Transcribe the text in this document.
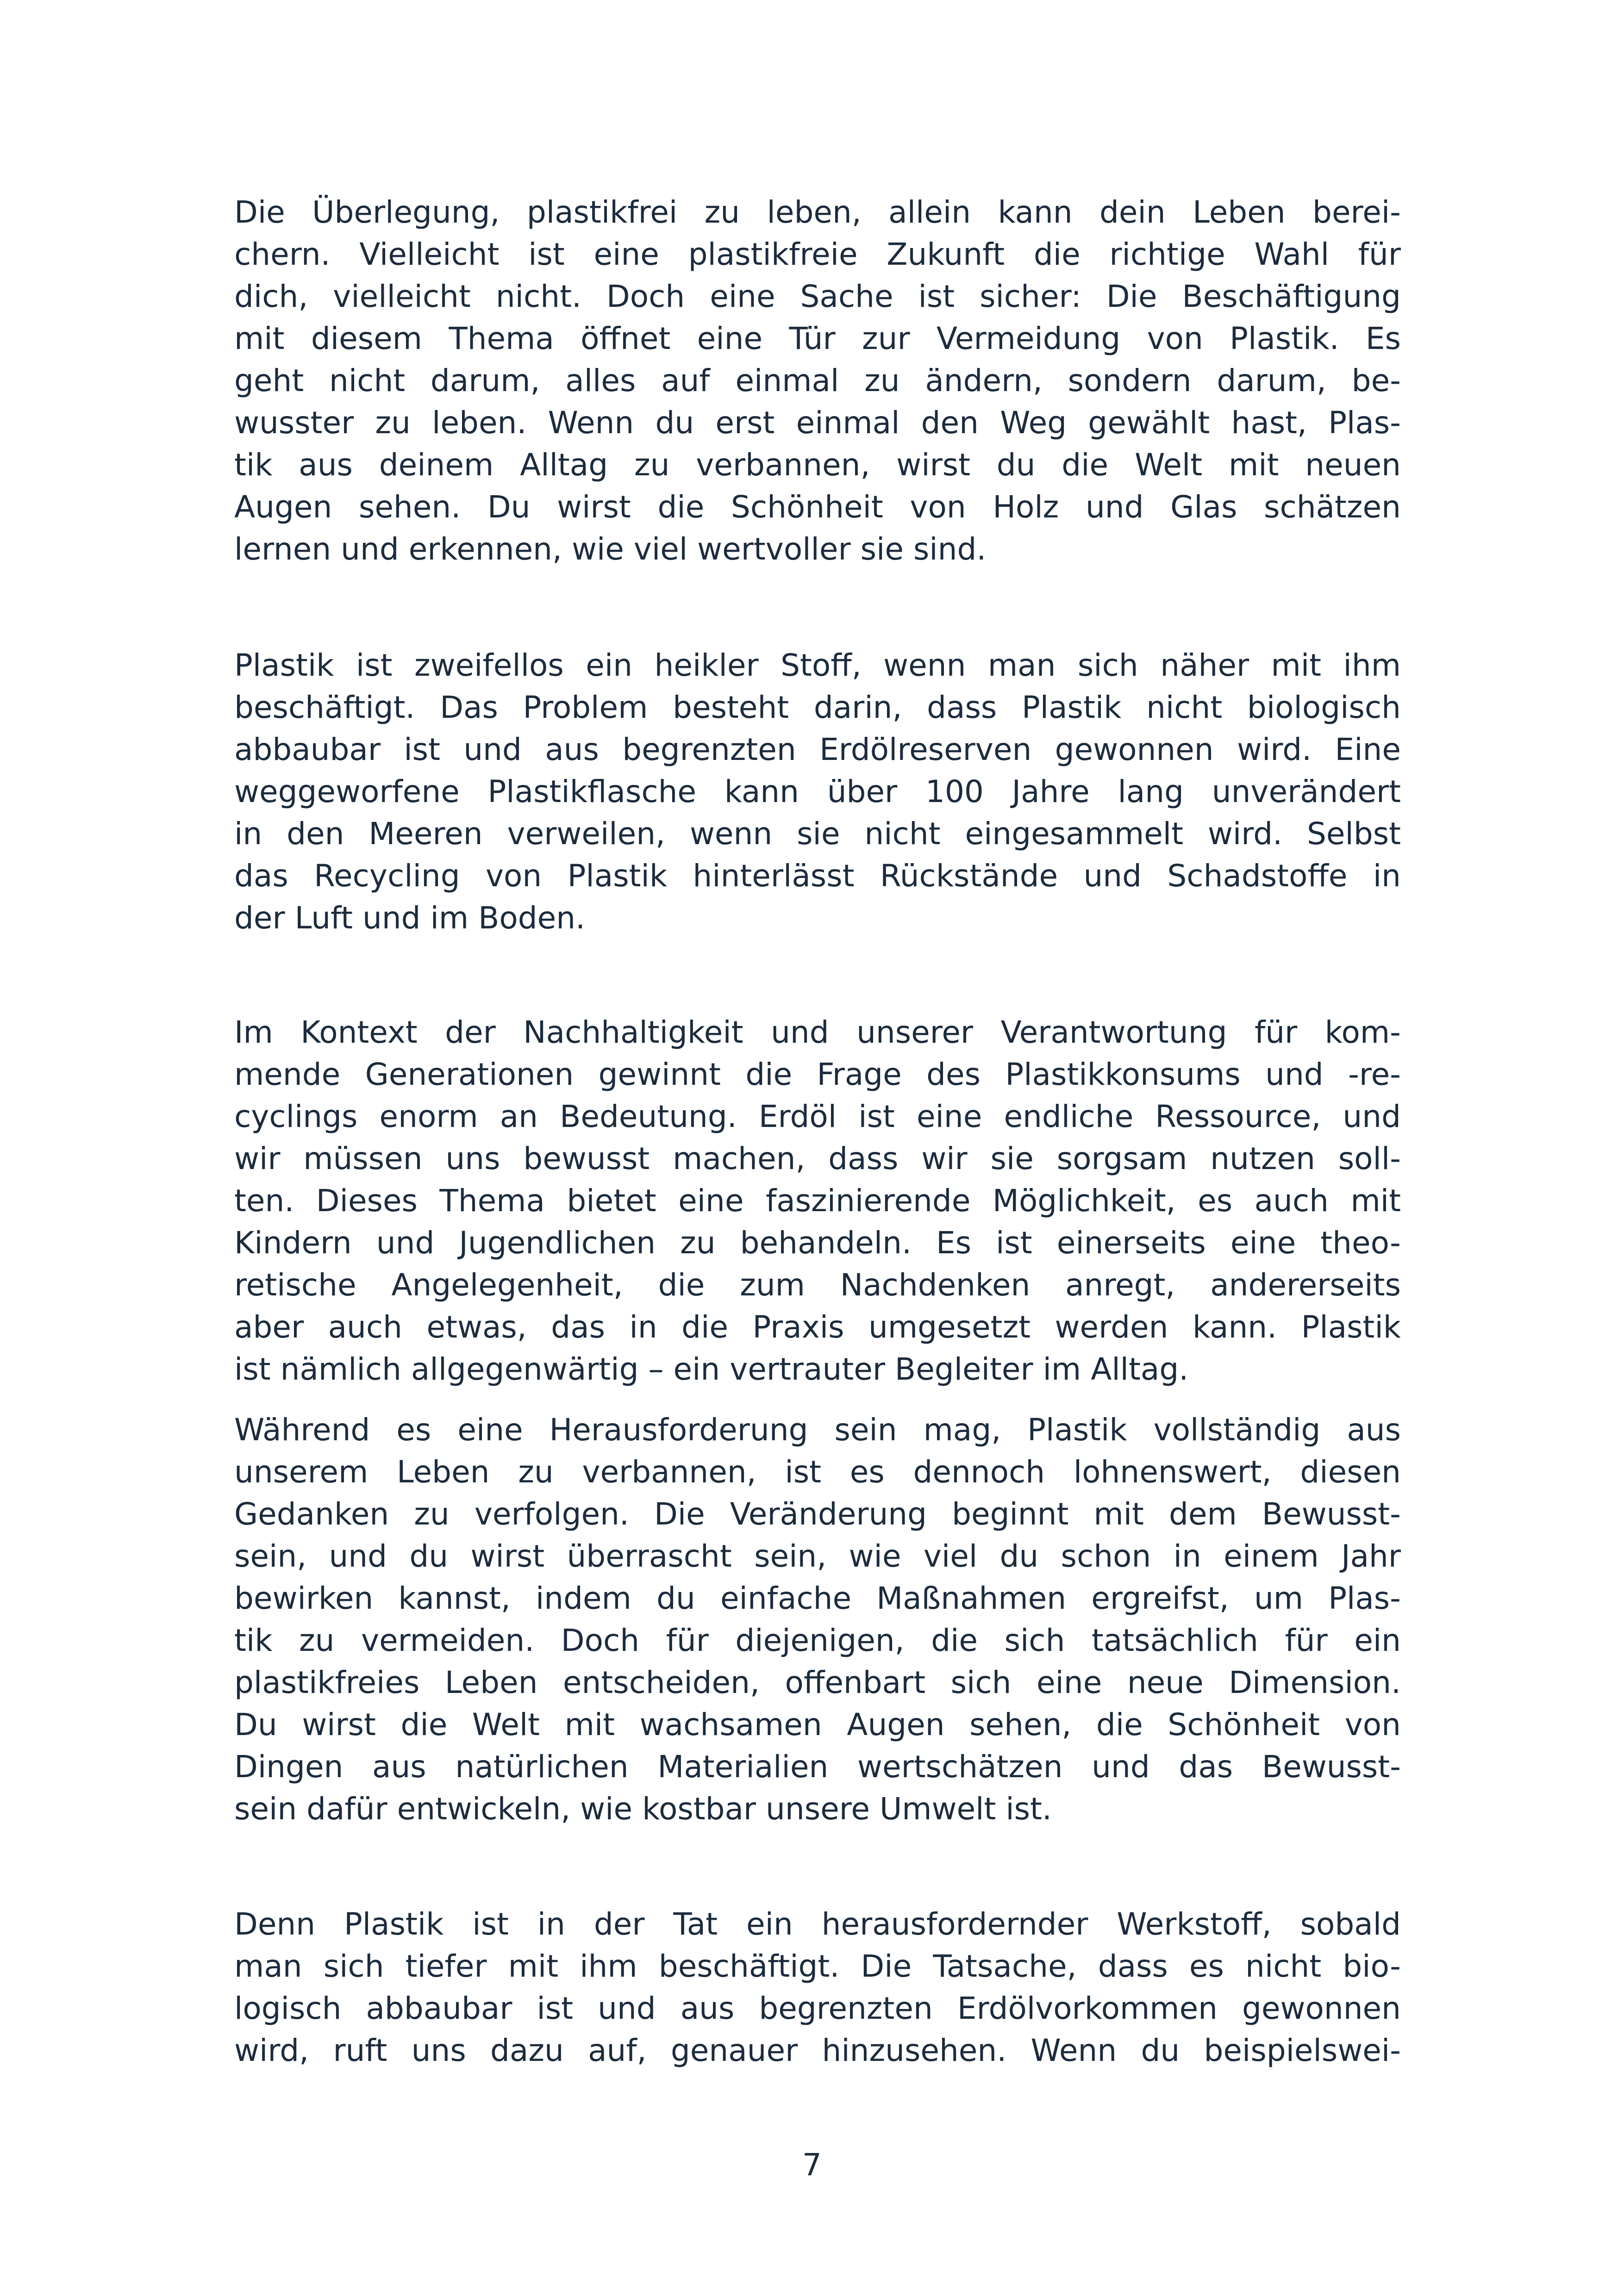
Die Überlegung, plastikfrei zu leben, allein kann dein Leben berei-
chern. Vielleicht ist eine plastikfreie Zukunft die richtige Wahl für
dich, vielleicht nicht. Doch eine Sache ist sicher: Die Beschäftigung
mit diesem Thema öffnet eine Tür zur Vermeidung von Plastik. Es
geht nicht darum, alles auf einmal zu ändern, sondern darum, be-
wusster zu leben. Wenn du erst einmal den Weg gewählt hast, Plas-
tik aus deinem Alltag zu verbannen, wirst du die Welt mit neuen
Augen sehen. Du wirst die Schönheit von Holz und Glas schätzen
lernen und erkennen, wie viel wertvoller sie sind.
Plastik ist zweifellos ein heikler Stoff, wenn man sich näher mit ihm
beschäftigt. Das Problem besteht darin, dass Plastik nicht biologisch
abbaubar ist und aus begrenzten Erdölreserven gewonnen wird. Eine
weggeworfene Plastikflasche kann über 100 Jahre lang unverändert
in den Meeren verweilen, wenn sie nicht eingesammelt wird. Selbst
das Recycling von Plastik hinterlässt Rückstände und Schadstoffe in
der Luft und im Boden.
Im Kontext der Nachhaltigkeit und unserer Verantwortung für kom-
mende Generationen gewinnt die Frage des Plastikkonsums und -re-
cyclings enorm an Bedeutung. Erdöl ist eine endliche Ressource, und
wir müssen uns bewusst machen, dass wir sie sorgsam nutzen soll-
ten. Dieses Thema bietet eine faszinierende Möglichkeit, es auch mit
Kindern und Jugendlichen zu behandeln. Es ist einerseits eine theo-
retische Angelegenheit, die zum Nachdenken anregt, andererseits
aber auch etwas, das in die Praxis umgesetzt werden kann. Plastik
ist nämlich allgegenwärtig – ein vertrauter Begleiter im Alltag.
Während es eine Herausforderung sein mag, Plastik vollständig aus
unserem Leben zu verbannen, ist es dennoch lohnenswert, diesen
Gedanken zu verfolgen. Die Veränderung beginnt mit dem Bewusst-
sein, und du wirst überrascht sein, wie viel du schon in einem Jahr
bewirken kannst, indem du einfache Maßnahmen ergreifst, um Plas-
tik zu vermeiden. Doch für diejenigen, die sich tatsächlich für ein
plastikfreies Leben entscheiden, offenbart sich eine neue Dimension.
Du wirst die Welt mit wachsamen Augen sehen, die Schönheit von
Dingen aus natürlichen Materialien wertschätzen und das Bewusst-
sein dafür entwickeln, wie kostbar unsere Umwelt ist.
Denn Plastik ist in der Tat ein herausfordernder Werkstoff, sobald
man sich tiefer mit ihm beschäftigt. Die Tatsache, dass es nicht bio-
logisch abbaubar ist und aus begrenzten Erdölvorkommen gewonnen
wird, ruft uns dazu auf, genauer hinzusehen. Wenn du beispielswei-
7
